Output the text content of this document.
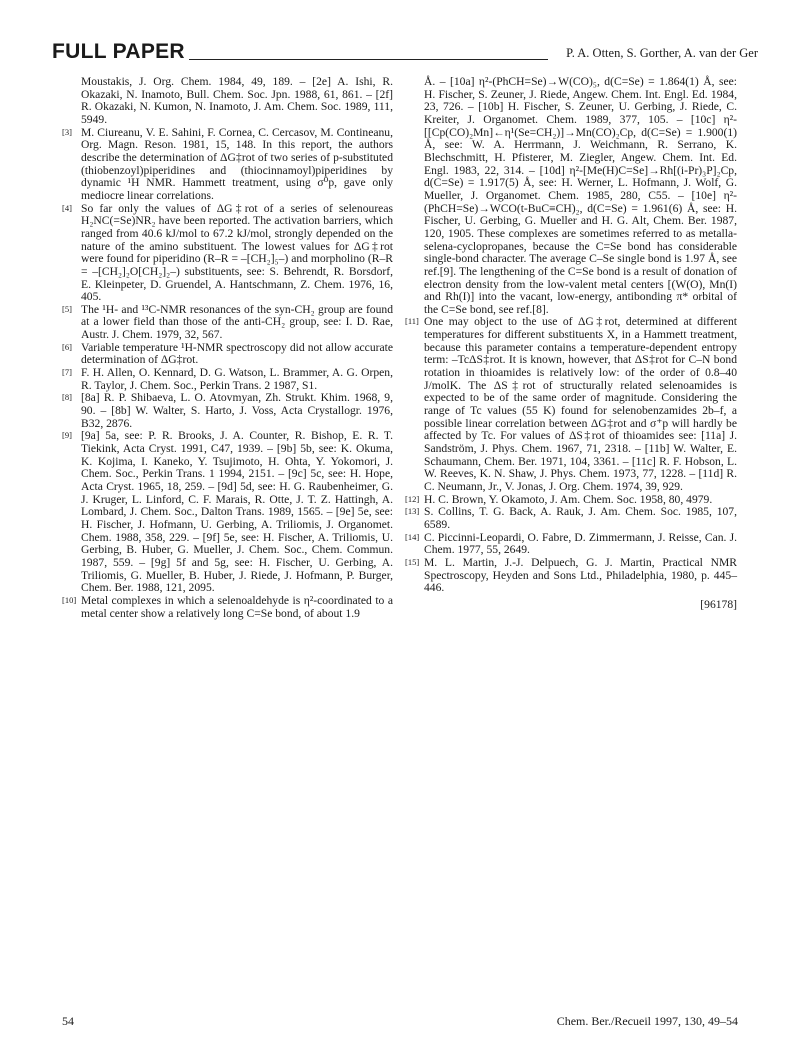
FULL PAPER	P. A. Otten, S. Gorther, A. van der Ger
Moustakis, J. Org. Chem. 1984, 49, 189. – [2e] A. Ishi, R. Okazaki, N. Inamoto, Bull. Chem. Soc. Jpn. 1988, 61, 861. – [2f] R. Okazaki, N. Kumon, N. Inamoto, J. Am. Chem. Soc. 1989, 111, 5949.
[3] M. Ciureanu, V. E. Sahini, F. Cornea, C. Cercasov, M. Contineanu, Org. Magn. Reson. 1981, 15, 148. In this report, the authors describe the determination of ΔG‡rot of two series of p-substituted (thiobenzoyl)piperidines and (thiocinnamoyl)piperidines by dynamic ¹H NMR. Hammett treatment, using σ⁰p, gave only mediocre linear correlations.
[4] So far only the values of ΔG‡rot of a series of selenoureas H₂NC(=Se)NR₂ have been reported. The activation barriers, which ranged from 40.6 kJ/mol to 67.2 kJ/mol, strongly depended on the nature of the amino substituent. The lowest values for ΔG‡rot were found for piperidino (R–R = –[CH₂]₅–) and morpholino (R–R = –[CH₂]₂O[CH₂]₂–) substituents, see: S. Behrendt, R. Borsdorf, E. Kleinpeter, D. Gruendel, A. Hantschmann, Z. Chem. 1976, 16, 405.
[5] The ¹H- and ¹³C-NMR resonances of the syn-CH₂ group are found at a lower field than those of the anti-CH₂ group, see: I. D. Rae, Austr. J. Chem. 1979, 32, 567.
[6] Variable temperature ¹H-NMR spectroscopy did not allow accurate determination of ΔG‡rot.
[7] F. H. Allen, O. Kennard, D. G. Watson, L. Brammer, A. G. Orpen, R. Taylor, J. Chem. Soc., Perkin Trans. 2 1987, S1.
[8] [8a] R. P. Shibaeva, L. O. Atovmyan, Zh. Strukt. Khim. 1968, 9, 90. – [8b] W. Walter, S. Harto, J. Voss, Acta Crystallogr. 1976, B32, 2876.
[9] [9a] 5a, see: P. R. Brooks, J. A. Counter, R. Bishop, E. R. T. Tiekink, Acta Cryst. 1991, C47, 1939. – [9b] 5b, see: K. Okuma, K. Kojima, I. Kaneko, Y. Tsujimoto, H. Ohta, Y. Yokomori, J. Chem. Soc., Perkin Trans. 1 1994, 2151. – [9c] 5c, see: H. Hope, Acta Cryst. 1965, 18, 259. – [9d] 5d, see: H. G. Raubenheimer, G. J. Kruger, L. Linford, C. F. Marais, R. Otte, J. T. Z. Hattingh, A. Lombard, J. Chem. Soc., Dalton Trans. 1989, 1565. – [9e] 5e, see: H. Fischer, J. Hofmann, U. Gerbing, A. Triliomis, J. Organomet. Chem. 1988, 358, 229. – [9f] 5e, see: H. Fischer, A. Triliomis, U. Gerbing, B. Huber, G. Mueller, J. Chem. Soc., Chem. Commun. 1987, 559. – [9g] 5f and 5g, see: H. Fischer, U. Gerbing, A. Triliomis, G. Mueller, B. Huber, J. Riede, J. Hofmann, P. Burger, Chem. Ber. 1988, 121, 2095.
[10] Metal complexes in which a selenoaldehyde is η²-coordinated to a metal center show a relatively long C=Se bond, of about 1.9
Å. – [10a] η²-(PhCH=Se)→W(CO)₅, d(C=Se) = 1.864(1) Å, see: H. Fischer, S. Zeuner, J. Riede, Angew. Chem. Int. Engl. Ed. 1984, 23, 726. – [10b] H. Fischer, S. Zeuner, U. Gerbing, J. Riede, C. Kreiter, J. Organomet. Chem. 1989, 377, 105. – [10c] η²-[[Cp(CO)₂Mn]←η¹(Se=CH₂)]→Mn(CO)₂Cp, d(C=Se) = 1.900(1) Å, see: W. A. Herrmann, J. Weichmann, R. Serrano, K. Blechschmitt, H. Pfisterer, M. Ziegler, Angew. Chem. Int. Ed. Engl. 1983, 22, 314. – [10d] η²-[Me(H)C=Se]→Rh[(i-Pr)₃P]₂Cp, d(C=Se) = 1.917(5) Å, see: H. Werner, L. Hofmann, J. Wolf, G. Mueller, J. Organomet. Chem. 1985, 280, C55. – [10e] η²-(PhCH=Se)→WCO(t-BuC≡CH)₂, d(C=Se) = 1.961(6) Å, see: H. Fischer, U. Gerbing, G. Mueller and H. G. Alt, Chem. Ber. 1987, 120, 1905. These complexes are sometimes referred to as metalla-selena-cyclopropanes, because the C=Se bond has considerable single-bond character. The average C–Se single bond is 1.97 Å, see ref.[9]. The lengthening of the C=Se bond is a result of donation of electron density from the low-valent metal centers [(W(O), Mn(I) and Rh(I)] into the vacant, low-energy, antibonding π* orbital of the C=Se bond, see ref.[8].
[11] One may object to the use of ΔG‡rot, determined at different temperatures for different substituents X, in a Hammett treatment, because this parameter contains a temperature-dependent entropy term: –TcΔS‡rot. It is known, however, that ΔS‡rot for C–N bond rotation in thioamides is relatively low: of the order of 0.8–40 J/molK. The ΔS‡rot of structurally related selenoamides is expected to be of the same order of magnitude. Considering the range of Tc values (55 K) found for selenobenzamides 2b–f, a possible linear correlation between ΔG‡rot and σ⁺p will hardly be affected by Tc. For values of ΔS‡rot of thioamides see: [11a] J. Sandström, J. Phys. Chem. 1967, 71, 2318. – [11b] W. Walter, E. Schaumann, Chem. Ber. 1971, 104, 3361. – [11c] R. F. Hobson, L. W. Reeves, K. N. Shaw, J. Phys. Chem. 1973, 77, 1228. – [11d] R. C. Neumann, Jr., V. Jonas, J. Org. Chem. 1974, 39, 929.
[12] H. C. Brown, Y. Okamoto, J. Am. Chem. Soc. 1958, 80, 4979.
[13] S. Collins, T. G. Back, A. Rauk, J. Am. Chem. Soc. 1985, 107, 6589.
[14] C. Piccinni-Leopardi, O. Fabre, D. Zimmermann, J. Reisse, Can. J. Chem. 1977, 55, 2649.
[15] M. L. Martin, J.-J. Delpuech, G. J. Martin, Practical NMR Spectroscopy, Heyden and Sons Ltd., Philadelphia, 1980, p. 445–446.
[96178]
54	Chem. Ber./Recueil 1997, 130, 49–54
